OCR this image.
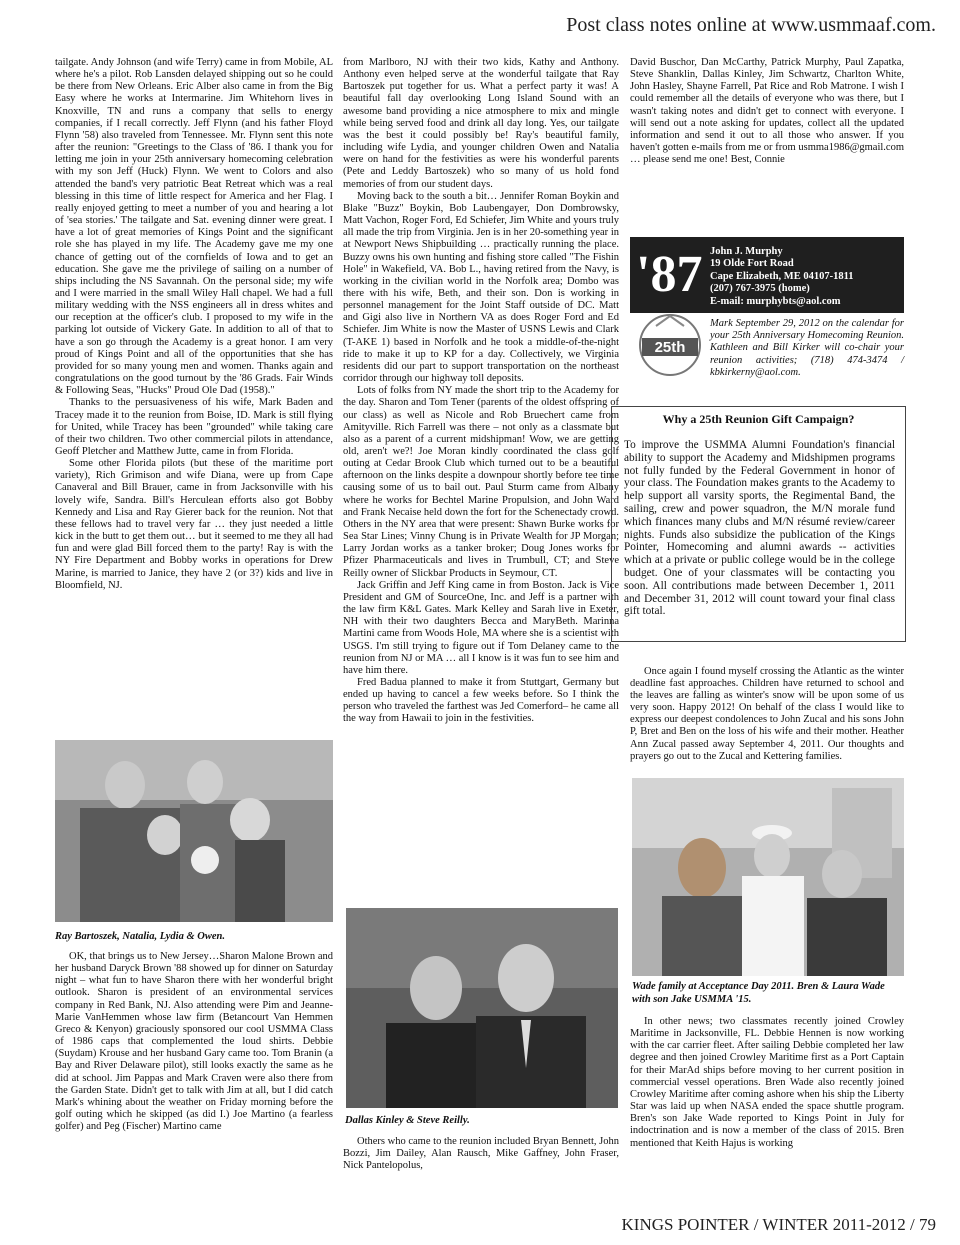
Post class notes online at www.usmmaaf.com.

tailgate. Andy Johnson (and wife Terry) came in from Mobile, AL where he's a pilot. Rob Lansden delayed shipping out so he could be there from New Orleans. Eric Alber also came in from the Big Easy where he works at Intermarine. Jim Whitehorn lives in Knoxville, TN and runs a company that sells to energy companies, if I recall correctly. Jeff Flynn (and his father Floyd Flynn '58) also traveled from Tennessee. Mr. Flynn sent this note after the reunion: "Greetings to the Class of '86. I thank you for letting me join in your 25th anniversary homecoming celebration with my son Jeff (Huck) Flynn. We went to Colors and also attended the band's very patriotic Beat Retreat which was a real blessing in this time of little respect for America and her Flag. I really enjoyed getting to meet a number of you and hearing a lot of 'sea stories.' The tailgate and Sat. evening dinner were great. I have a lot of great memories of Kings Point and the significant role she has played in my life. The Academy gave me my one chance of getting out of the cornfields of Iowa and to get an education. She gave me the privilege of sailing on a number of ships including the NS Savannah. On the personal side; my wife and I were married in the small Wiley Hall chapel. We had a full military wedding with the NSS engineers all in dress whites and our reception at the officer's club. I proposed to my wife in the parking lot outside of Vickery Gate. In addition to all of that to have a son go through the Academy is a great honor. I am very proud of Kings Point and all of the opportunities that she has provided for so many young men and women. Thanks again and congratulations on the good turnout by the '86 Grads. Fair Winds & Following Seas, "Hucks" Proud Ole Dad (1958)."

Thanks to the persuasiveness of his wife, Mark Baden and Tracey made it to the reunion from Boise, ID. Mark is still flying for United, while Tracey has been "grounded" while taking care of their two children. Two other commercial pilots in attendance, Geoff Pletcher and Matthew Jutte, came in from Florida.

Some other Florida pilots (but these of the maritime port variety), Rich Grimison and wife Diana, were up from Cape Canaveral and Bill Brauer, came in from Jacksonville with his lovely wife, Sandra. Bill's Herculean efforts also got Bobby Kennedy and Lisa and Ray Gierer back for the reunion. Not that these fellows had to travel very far … they just needed a little kick in the butt to get them out… but it seemed to me they all had fun and were glad Bill forced them to the party! Ray is with the NY Fire Department and Bobby works in operations for Drew Marine, is married to Janice, they have 2 (or 3?) kids and live in Bloomfield, NJ.

Ray Bartoszek, Natalia, Lydia & Owen.

OK, that brings us to New Jersey…Sharon Malone Brown and her husband Daryck Brown '88 showed up for dinner on Saturday night – what fun to have Sharon there with her wonderful bright outlook. Sharon is president of an environmental services company in Red Bank, NJ. Also attending were Pim and Jeanne-Marie VanHemmen whose law firm (Betancourt Van Hemmen Greco & Kenyon) graciously sponsored our cool USMMA Class of 1986 caps that complemented the loud shirts. Debbie (Suydam) Krouse and her husband Gary came too. Tom Branin (a Bay and River Delaware pilot), still looks exactly the same as he did at school. Jim Pappas and Mark Craven were also there from the Garden State. Didn't get to talk with Jim at all, but I did catch Mark's whining about the weather on Friday morning before the golf outing which he skipped (as did I.) Joe Martino (a fearless golfer) and Peg (Fischer) Martino came

from Marlboro, NJ with their two kids, Kathy and Anthony. Anthony even helped serve at the wonderful tailgate that Ray Bartoszek put together for us. What a perfect party it was! A beautiful fall day overlooking Long Island Sound with an awesome band providing a nice atmosphere to mix and mingle while being served food and drink all day long. Yes, our tailgate was the best it could possibly be! Ray's beautiful family, including wife Lydia, and younger children Owen and Natalia were on hand for the festivities as were his wonderful parents (Pete and Leddy Bartoszek) who so many of us hold fond memories of from our student days.

Moving back to the south a bit… Jennifer Roman Boykin and Blake "Buzz" Boykin, Bob Laubengayer, Don Dombrowsky, Matt Vachon, Roger Ford, Ed Schiefer, Jim White and yours truly all made the trip from Virginia. Jen is in her 20-something year in at Newport News Shipbuilding … practically running the place. Buzzy owns his own hunting and fishing store called "The Fishin Hole" in Wakefield, VA. Bob L., having retired from the Navy, is working in the civilian world in the Norfolk area; Dombo was there with his wife, Beth, and their son. Don is working in personnel management for the Joint Staff outside of DC. Matt and Gigi also live in Northern VA as does Roger Ford and Ed Schiefer. Jim White is now the Master of USNS Lewis and Clark (T-AKE 1) based in Norfolk and he took a middle-of-the-night ride to make it up to KP for a day. Collectively, we Virginia residents did our part to support transportation on the northeast corridor through our highway toll deposits.

Lots of folks from NY made the short trip to the Academy for the day. Sharon and Tom Tener (parents of the oldest offspring of our class) as well as Nicole and Rob Bruechert came from Amityville. Rich Farrell was there – not only as a classmate but also as a parent of a current midshipman! Wow, we are getting old, aren't we?! Joe Moran kindly coordinated the class golf outing at Cedar Brook Club which turned out to be a beautiful afternoon on the links despite a downpour shortly before tee time causing some of us to bail out. Paul Sturm came from Albany where he works for Bechtel Marine Propulsion, and John Ward and Frank Necaise held down the fort for the Schenectady crowd. Others in the NY area that were present: Shawn Burke works for Sea Star Lines; Vinny Chung is in Private Wealth for JP Morgan; Larry Jordan works as a tanker broker; Doug Jones works for Pfizer Pharmaceuticals and lives in Trumbull, CT; and Steve Reilly owner of Slickbar Products in Seymour, CT.

Jack Griffin and Jeff King came in from Boston. Jack is Vice President and GM of SourceOne, Inc. and Jeff is a partner with the law firm K&L Gates. Mark Kelley and Sarah live in Exeter, NH with their two daughters Becca and MaryBeth. Marinna Martini came from Woods Hole, MA where she is a scientist with USGS. I'm still trying to figure out if Tom Delaney came to the reunion from NJ or MA … all I know is it was fun to see him and have him there.

Fred Badua planned to make it from Stuttgart, Germany but ended up having to cancel a few weeks before. So I think the person who traveled the farthest was Jed Comerford– he came all the way from Hawaii to join in the festivities.

Dallas Kinley & Steve Reilly.

Others who came to the reunion included Bryan Bennett, John Bozzi, Jim Dailey, Alan Rausch, Mike Gaffney, John Fraser, Nick Pantelopolus,

David Buschor, Dan McCarthy, Patrick Murphy, Paul Zapatka, Steve Shanklin, Dallas Kinley, Jim Schwartz, Charlton White, John Hasley, Shayne Farrell, Pat Rice and Rob Matrone. I wish I could remember all the details of everyone who was there, but I wasn't taking notes and didn't get to connect with everyone. I will send out a note asking for updates, collect all the updated information and send it out to all those who answer. If you haven't gotten e-mails from me or from usmma1986@gmail.com … please send me one! Best, Connie

'87 John J. Murphy
19 Olde Fort Road
Cape Elizabeth, ME 04107-1811
(207) 767-3975 (home)
E-mail: murphybts@aol.com
25th
Mark September 29, 2012 on the calendar for your 25th Anniversary Homecoming Reunion. Kathleen and Bill Kirker will co-chair your reunion activities; (718) 474-3474 / kbkirkerny@aol.com.
Why a 25th Reunion Gift Campaign?
To improve the USMMA Alumni Foundation's financial ability to support the Academy and Midshipmen programs not fully funded by the Federal Government in honor of your class. The Foundation makes grants to the Academy to help support all varsity sports, the Regimental Band, the sailing, crew and power squadron, the M/N morale fund which finances many clubs and M/N résumé review/career nights. Funds also subsidize the publication of the Kings Pointer, Homecoming and alumni awards -- activities which at a private or public college would be in the college budget. One of your classmates will be contacting you soon. All contributions made between December 1, 2011 and December 31, 2012 will count toward your final class gift total.

Once again I found myself crossing the Atlantic as the winter deadline fast approaches. Children have returned to school and the leaves are falling as winter's snow will be upon some of us very soon. Happy 2012! On behalf of the class I would like to express our deepest condolences to John Zucal and his sons John P, Bret and Ben on the loss of his wife and their mother. Heather Ann Zucal passed away September 4, 2011. Our thoughts and prayers go out to the Zucal and Kettering families.

Wade family at Acceptance Day 2011. Bren & Laura Wade with son Jake USMMA '15.

In other news; two classmates recently joined Crowley Maritime in Jacksonville, FL. Debbie Hennen is now working with the car carrier fleet. After sailing Debbie completed her law degree and then joined Crowley Maritime first as a Port Captain for their MarAd ships before moving to her current position in commercial vessel operations. Bren Wade also recently joined Crowley Maritime after coming ashore when his ship the Liberty Star was laid up when NASA ended the space shuttle program. Bren's son Jake Wade reported to Kings Point in July for indoctrination and is now a member of the class of 2015. Bren mentioned that Keith Hajus is working

KINGS POINTER / WINTER 2011-2012 / 79
